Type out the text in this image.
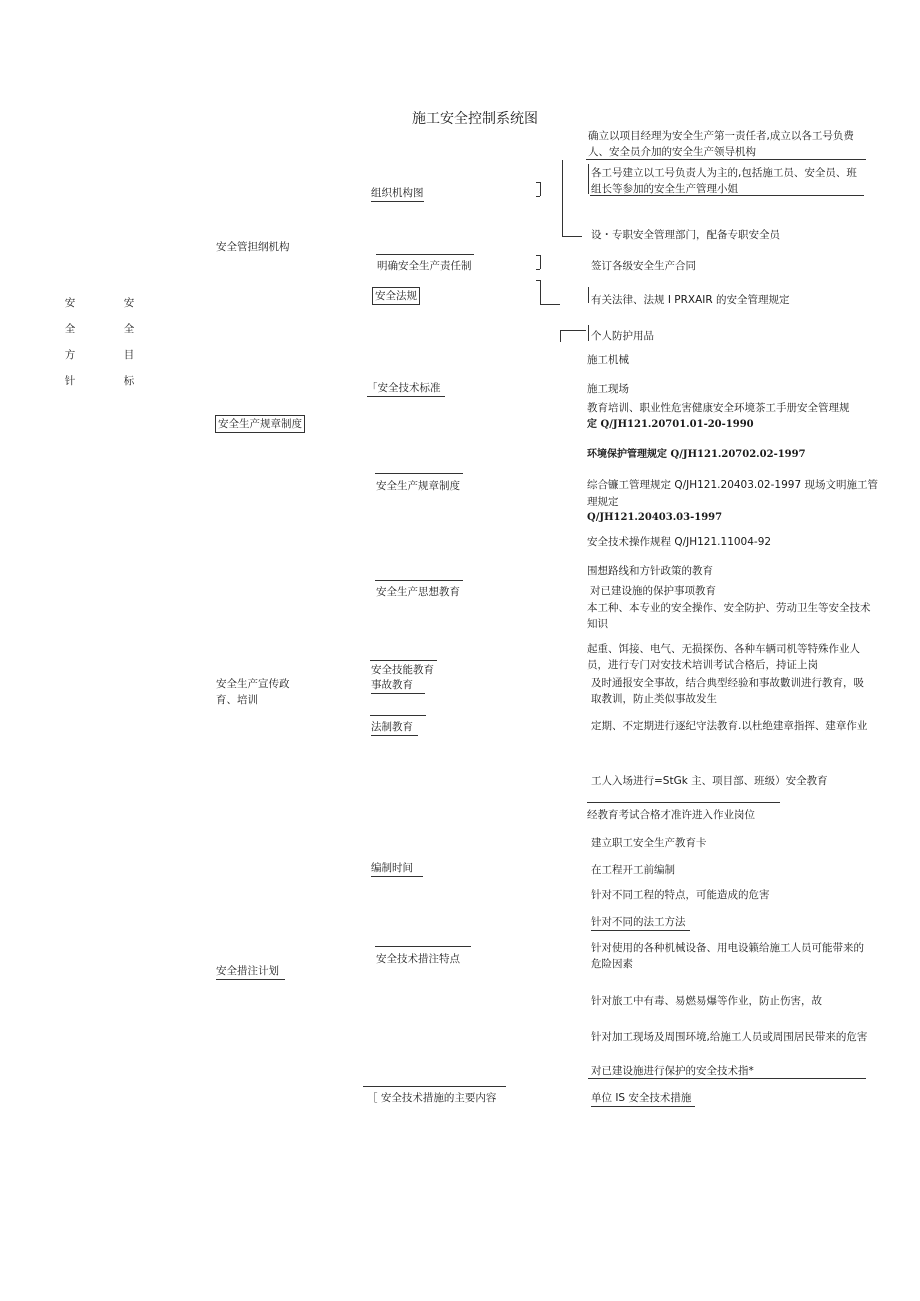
施工安全控制系统图
安
全
方
针
安
全
目
标
安全管担纲机构
安全生产规章制度
安全生产宣传政育、培训
安全措注计划
组织机构图
明确安全生产责任制
安全法规
「安全技术标准
安全生产规章制度
安全生产思想教育
安全技能教育
事故教育
法制教育
编制时间
安全技术措注特点
［ 安全技术措施的主要内容
确立以项目经理为安全生产第一责任者,成立以各工号负费人、安全员介加的安全生产领导机构
各工号建立以工号负责人为主的,包括施工员、安全员、班组长等参加的安全生产管理小姐
设・专职安全管理部门，配备专职安全员
签订各级安全生产合同
有关法律、法规 I PRXAIR 的安全管理规定
个人防护用品
施工机械
施工现场
教育培训、职业性危害健康安全环境茶工手册安全管理规
定 Q/JH121.20701.01-20-1990
环境保护管理规定 Q/JH121.20702.02-1997
综合镰工管理规定 Q/JH121.20403.02-1997 现场文明施工管
理规定
Q/JH121.20403.03-1997
安全技术操作规程 Q/JH121.11004-92
围想路线和方针政策的教育
对已建设施的保护事项教育
本工种、本专业的安全操作、安全防护、劳动卫生等安全技术知识
起重、饵接、电气、无损探伤、各种车辆司机等特殊作业人员，进行专门对安技术培训考试合格后，持证上岗
及时通报安全事故，结合典型经验和事故數训进行教育，吸取教训，防止类似事故发生
定期、不定期进行逐纪守法教育.以杜绝建章指挥、建章作业
工人入场进行=StGk 主、项目部、班级）安全教育
经教育考试合格才准许进入作业岗位
建立职工安全生产教育卡
在工程开工前编制
针对不同工程的特点，可能造成的危害
针对不同的法工方法
针对使用的各种机械设备、用电设籁给施工人员可能带来的危险因素
针对旅工中有毒、易燃易爆等作业，防止伤害，故
针对加工现场及周围环境,给施工人员或周围居民带来的危害
对已建设施进行保护的安全技术指*
单位 IS 安全技术措施
